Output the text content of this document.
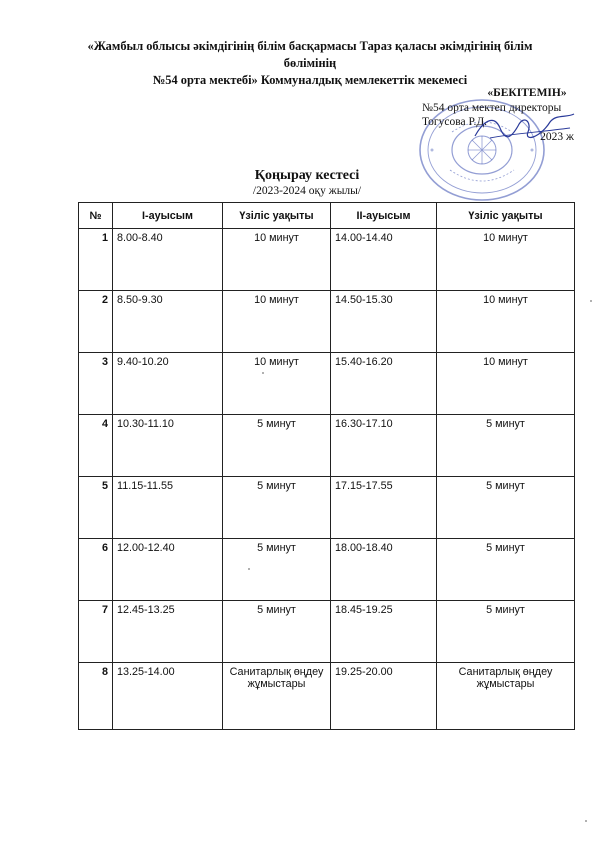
«Жамбыл облысы әкімдігінің білім басқармасы Тараз қаласы әкімдігінің білім бөлімінің
№54 орта мектебі» Коммуналдық мемлекеттік мекемесі
«БЕКІТЕМІН»
№54 орта мектеп директоры
Тогусова Р.Д.
2023 ж
Қоңырау кестесі
/2023-2024 оқу жылы/
№	I-ауысым	Үзіліс уақыты	II-ауысым	Үзіліс уақыты
1	8.00-8.40	10 минут	14.00-14.40	10 минут
2	8.50-9.30	10 минут	14.50-15.30	10 минут
3	9.40-10.20	10 минут	15.40-16.20	10 минут
4	10.30-11.10	5 минут	16.30-17.10	5 минут
5	11.15-11.55	5 минут	17.15-17.55	5 минут
6	12.00-12.40	5 минут	18.00-18.40	5 минут
7	12.45-13.25	5 минут	18.45-19.25	5 минут
8	13.25-14.00	Санитарлық өңдеу жұмыстары	19.25-20.00	Санитарлық өңдеу жұмыстары
